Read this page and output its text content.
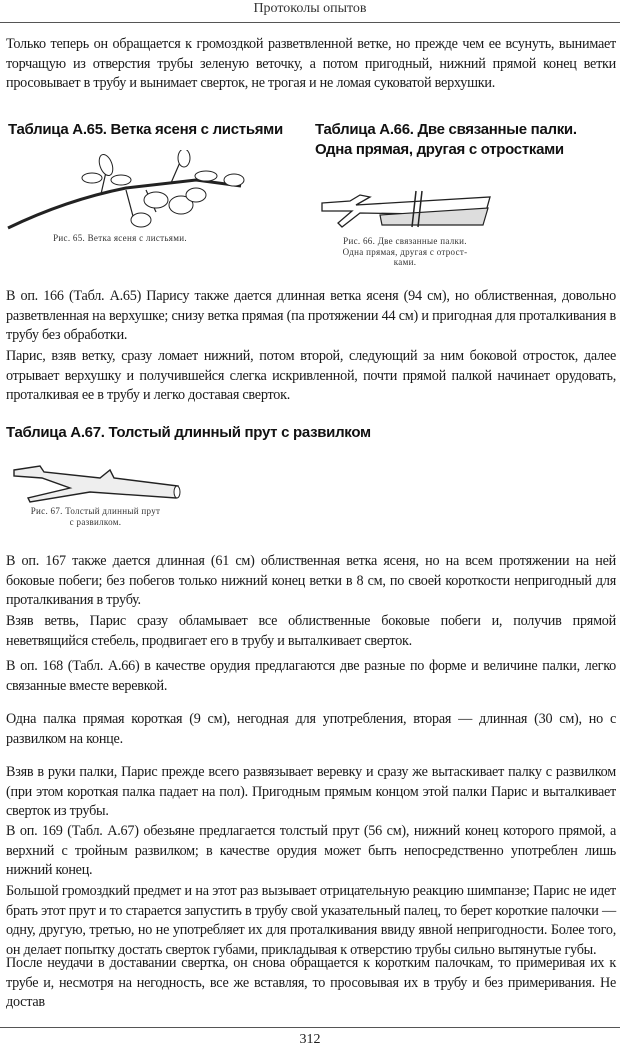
Протоколы опытов
Только теперь он обращается к громоздкой разветвленной ветке, но прежде чем ее всунуть, вынимает торчащую из отверстия трубы зеленую веточку, а потом пригодный, нижний прямой конец ветки просовывает в трубу и вынимает сверток, не трогая и не ломая суковатой верхушки.
Таблица А.65. Ветка ясеня с листьями Таблица А.66. Две связанные палки.
Одна прямая, другая с отростками
Рис. 65. Ветка ясеня с листьями.	Рис. 66. Две связанные палки.
Одна прямая, другая с отрост-
ками.
В оп. 166 (Табл. А.65) Парису также дается длинная ветка ясеня (94 см), но облиственная, довольно разветвленная на верхушке; снизу ветка прямая (па протяжении 44 см) и пригодная для проталкивания в трубу без обработки.
Парис, взяв ветку, сразу ломает нижний, потом второй, следующий за ним боковой отросток, далее отрывает верхушку и получившейся слегка искривленной, почти прямой палкой начинает орудовать, проталкивая ее в трубу и легко доставая сверток.
Таблица А.67. Толстый длинный прут с развилком
Рис. 67. Толстый длинный прут
с развилком.
В оп. 167 также дается длинная (61 см) облиственная ветка ясеня, но на всем протяжении на ней боковые побеги; без побегов только нижний конец ветки в 8 см, по своей короткости непригодный для проталкивания в трубу.
Взяв ветвь, Парис сразу обламывает все облиственные боковые побеги и, получив прямой неветвящийся стебель, продвигает его в трубу и выталкивает сверток.
В оп. 168 (Табл. А.66) в качестве орудия предлагаются две разные по форме и величине палки, легко связанные вместе веревкой.
Одна палка прямая короткая (9 см), негодная для употребления, вторая — длинная (30 см), но с развилком на конце.
Взяв в руки палки, Парис прежде всего развязывает веревку и сразу же вытаскивает палку с развилком (при этом короткая палка падает на пол). Пригодным прямым концом этой палки Парис и выталкивает сверток из трубы.
В оп. 169 (Табл. А.67) обезьяне предлагается толстый прут (56 см), нижний конец которого прямой, а верхний с тройным развилком; в качестве орудия может быть непосредственно употреблен лишь нижний конец.
Большой громоздкий предмет и на этот раз вызывает отрицательную реакцию шимпанзе; Парис не идет брать этот прут и то старается запустить в трубу свой указательный палец, то берет короткие палочки — одну, другую, третью, но не употребляет их для проталкивания ввиду явной непригодности. Более того, он делает попытку достать сверток губами, прикладывая к отверстию трубы сильно вытянутые губы.
После неудачи в доставании свертка, он снова обращается к коротким палочкам, то примеривая их к трубе и, несмотря на негодность, все же вставляя, то просовывая их в трубу и без примеривания. Не достав
312
